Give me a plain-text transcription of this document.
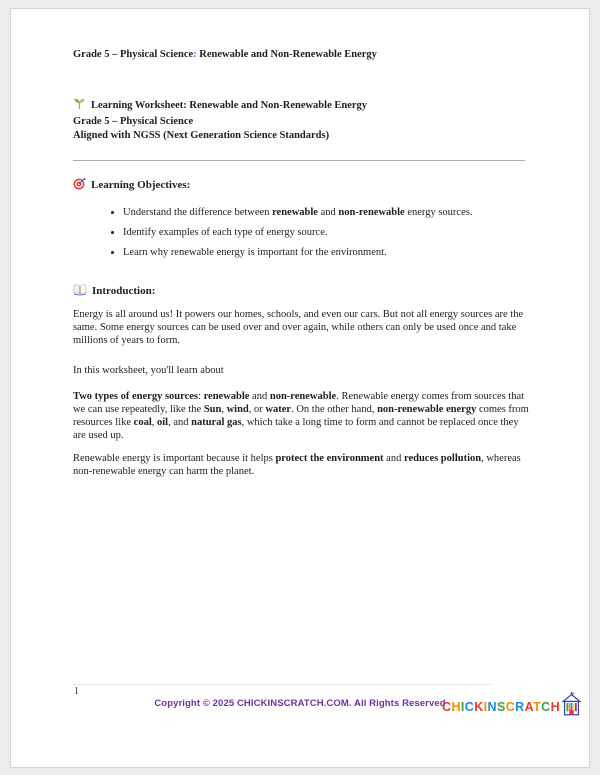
Grade 5 – Physical Science: Renewable and Non-Renewable Energy

Learning Worksheet: Renewable and Non-Renewable Energy

Grade 5 – Physical Science

Aligned with NGSS (Next Generation Science Standards)

Learning Objectives:
• Understand the difference between renewable and non-renewable energy sources.
• Identify examples of each type of energy source.
• Learn why renewable energy is important for the environment.
Introduction:

Energy is all around us! It powers our homes, schools, and even our cars. But not all energy sources are the same. Some energy sources can be used over and over again, while others can only be used once and take millions of years to form.

In this worksheet, you'll learn about

Two types of energy sources: renewable and non-renewable. Renewable energy comes from sources that we can use repeatedly, like the Sun, wind, or water. On the other hand, non-renewable energy comes from resources like coal, oil, and natural gas, which take a long time to form and cannot be replaced once they are used up.

Renewable energy is important because it helps protect the environment and reduces pollution, whereas non-renewable energy can harm the planet.

1
Copyright © 2025 CHICKINSCRATCH.COM. All Rights Reserved
CHICKINSCRATCH
